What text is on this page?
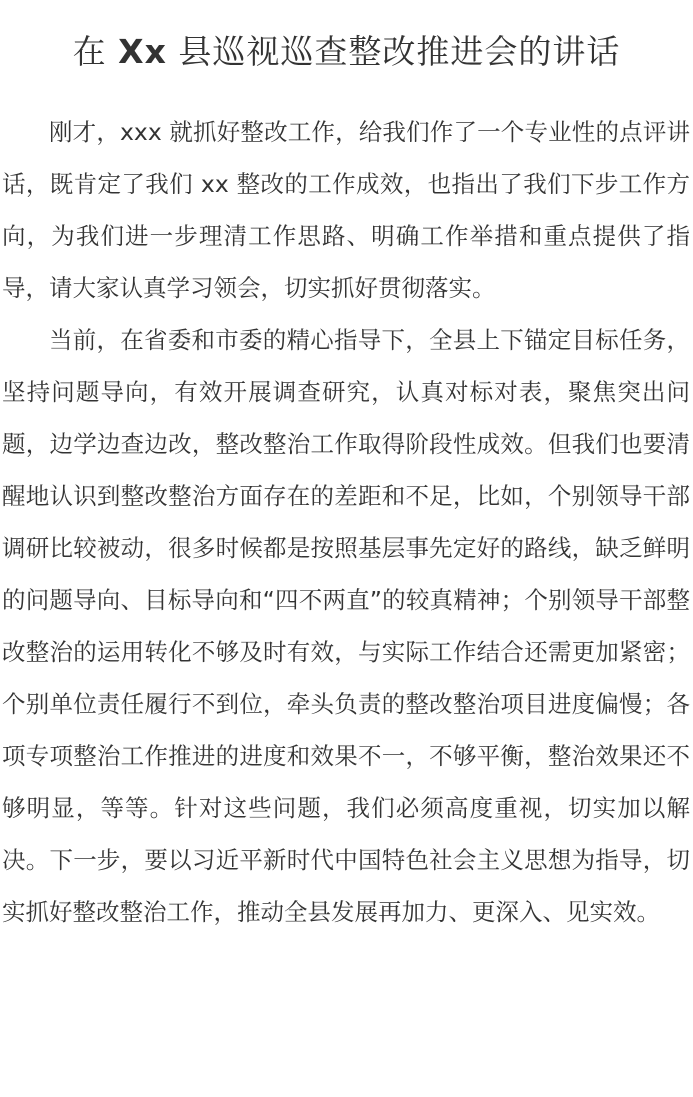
在 Xx 县巡视巡查整改推进会的讲话

刚才，xxx 就抓好整改工作，给我们作了一个专业性的点评讲话，既肯定了我们 xx 整改的工作成效，也指出了我们下步工作方向，为我们进一步理清工作思路、明确工作举措和重点提供了指导，请大家认真学习领会，切实抓好贯彻落实。

当前，在省委和市委的精心指导下，全县上下锚定目标任务，坚持问题导向，有效开展调查研究，认真对标对表，聚焦突出问题，边学边查边改，整改整治工作取得阶段性成效。但我们也要清醒地认识到整改整治方面存在的差距和不足，比如，个别领导干部调研比较被动，很多时候都是按照基层事先定好的路线，缺乏鲜明的问题导向、目标导向和“四不两直”的较真精神；个别领导干部整改整治的运用转化不够及时有效，与实际工作结合还需更加紧密；个别单位责任履行不到位，牵头负责的整改整治项目进度偏慢；各项专项整治工作推进的进度和效果不一，不够平衡，整治效果还不够明显，等等。针对这些问题，我们必须高度重视，切实加以解决。下一步，要以习近平新时代中国特色社会主义思想为指导，切实抓好整改整治工作，推动全县发展再加力、更深入、见实效。
